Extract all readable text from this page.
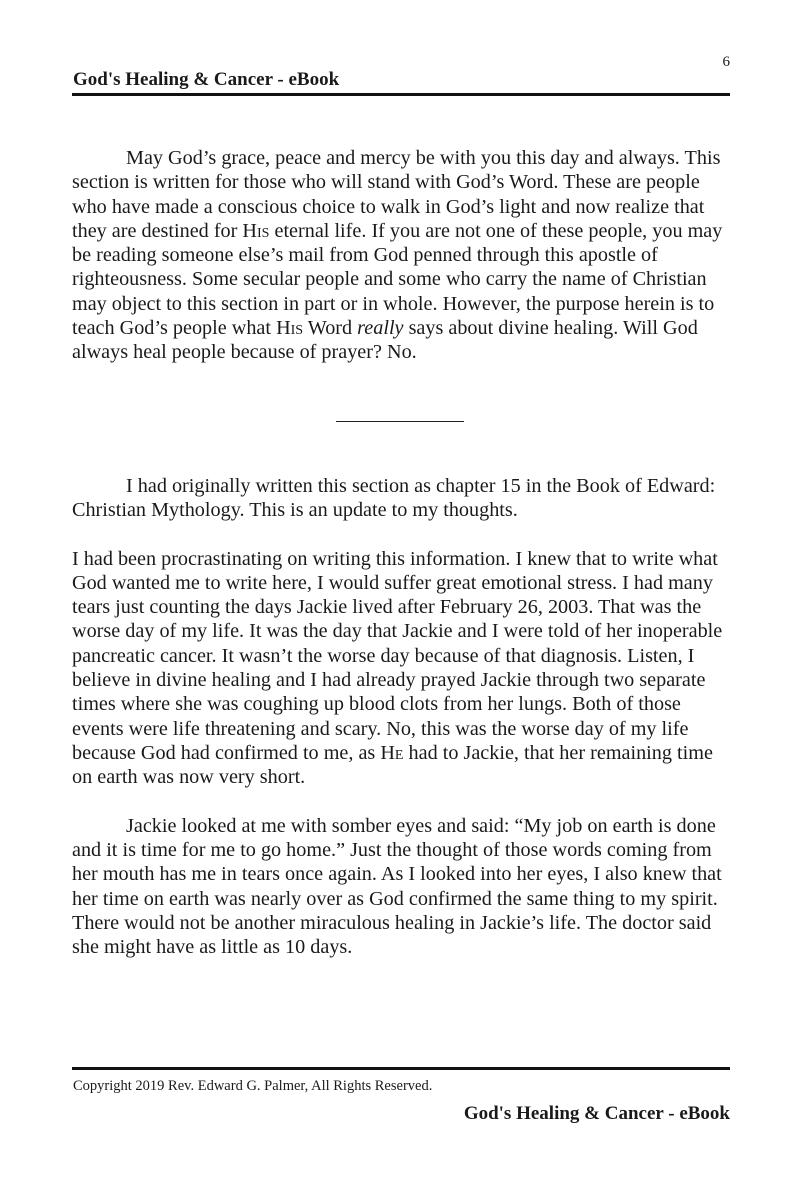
6
God's Healing & Cancer - eBook

May God’s grace, peace and mercy be with you this day and always. This section is written for those who will stand with God’s Word. These are people who have made a conscious choice to walk in God’s light and now realize that they are destined for His eternal life. If you are not one of these people, you may be reading someone else’s mail from God penned through this apostle of righteousness. Some secular people and some who carry the name of Christian may object to this section in part or in whole. However, the purpose herein is to teach God’s people what His Word really says about divine healing. Will God always heal people because of prayer? No.

I had originally written this section as chapter 15 in the Book of Edward: Christian Mythology. This is an update to my thoughts.

I had been procrastinating on writing this information. I knew that to write what God wanted me to write here, I would suffer great emotional stress. I had many tears just counting the days Jackie lived after February 26, 2003. That was the worse day of my life. It was the day that Jackie and I were told of her inoperable pancreatic cancer. It wasn’t the worse day because of that diagnosis. Listen, I believe in divine healing and I had already prayed Jackie through two separate times where she was coughing up blood clots from her lungs. Both of those events were life threatening and scary. No, this was the worse day of my life because God had confirmed to me, as He had to Jackie, that her remaining time on earth was now very short.

Jackie looked at me with somber eyes and said: “My job on earth is done and it is time for me to go home.” Just the thought of those words coming from her mouth has me in tears once again. As I looked into her eyes, I also knew that her time on earth was nearly over as God confirmed the same thing to my spirit. There would not be another miraculous healing in Jackie’s life. The doctor said she might have as little as 10 days.

Copyright 2019 Rev. Edward G. Palmer, All Rights Reserved.
God's Healing & Cancer - eBook
